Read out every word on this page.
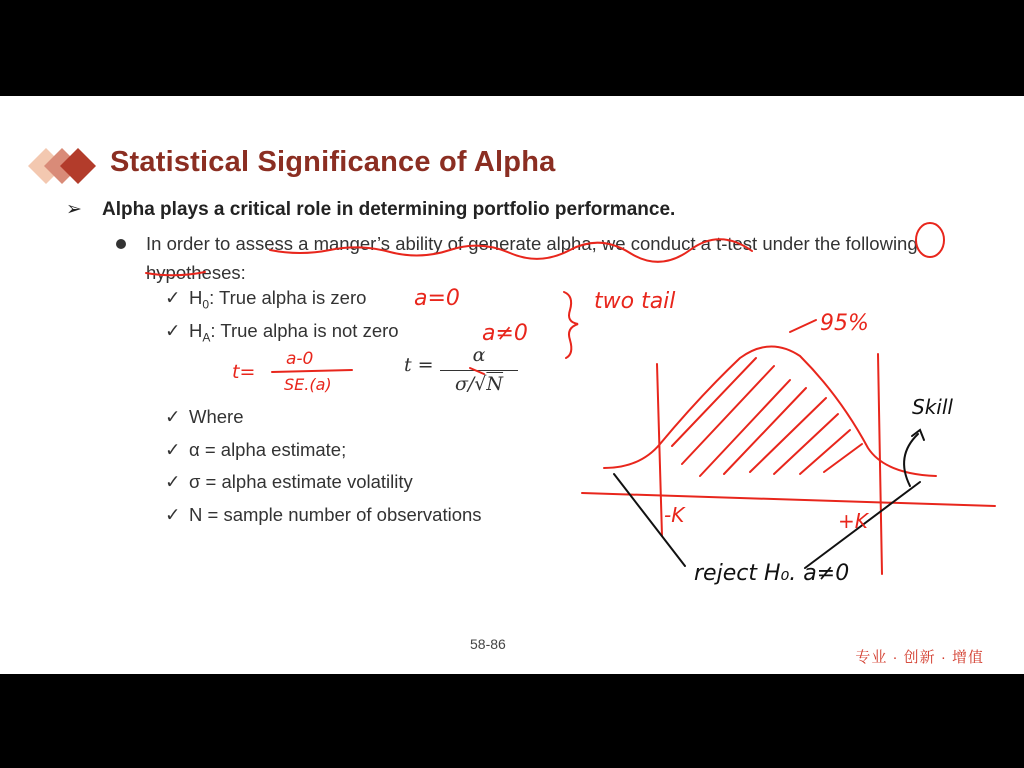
Statistical Significance of Alpha
➢ Alpha plays a critical role in determining portfolio performance.
In order to assess a manger’s ability of generate alpha, we conduct a t-test under the following hypotheses:
✓ $H_0$: True alpha is zero
✓ $H_A$: True alpha is not zero
t =	α
σ/√N
✓ Where
✓ α = alpha estimate;
✓ σ = alpha estimate volatility
✓ N = sample number of observations
58-86
专业 · 创新 · 增值
a=0
a≠0
two tail
t=
a-0
SE.(a)
95%
-K	+K
Skill
reject H₀. a≠0
